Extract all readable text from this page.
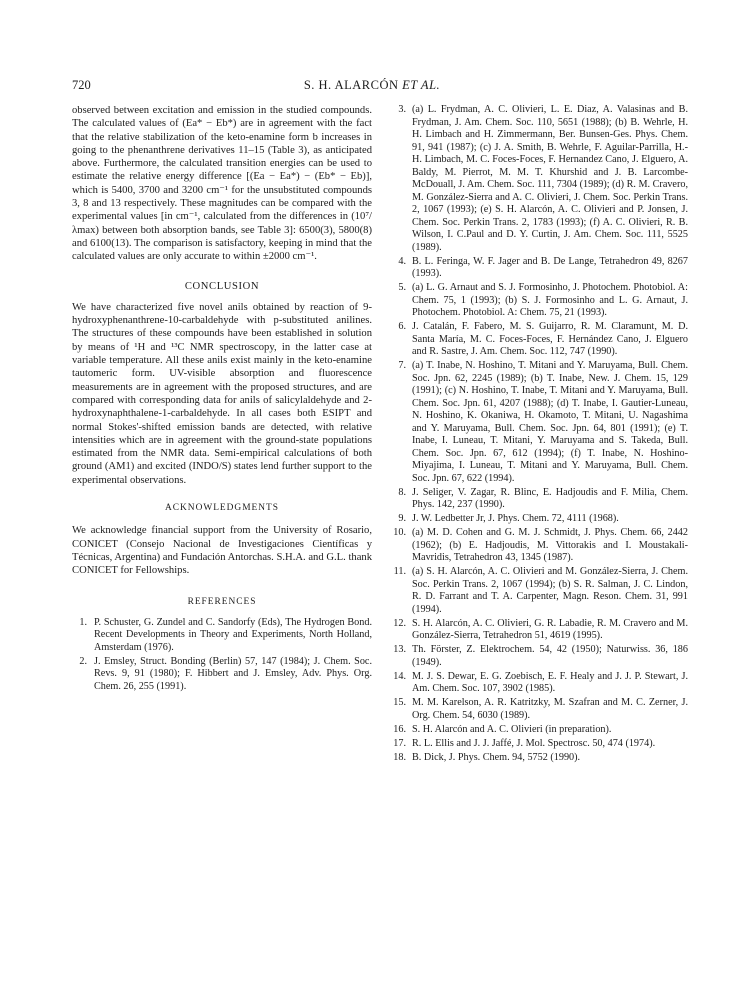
720	S. H. ALARCÓN ET AL.

observed between excitation and emission in the studied compounds. The calculated values of (Ea* − Eb*) are in agreement with the fact that the relative stabilization of the keto-enamine form b increases in going to the phenanthrene derivatives 11–15 (Table 3), as anticipated above. Furthermore, the calculated transition energies can be used to estimate the relative energy difference [(Ea − Ea*) − (Eb* − Eb)], which is 5400, 3700 and 3200 cm⁻¹ for the unsubstituted compounds 3, 8 and 13 respectively. These magnitudes can be compared with the experimental values [in cm⁻¹, calculated from the differences in (10⁷/λmax) between both absorption bands, see Table 3]: 6500(3), 5800(8) and 6100(13). The comparison is satisfactory, keeping in mind that the calculated values are only accurate to within ±2000 cm⁻¹.

CONCLUSION

We have characterized five novel anils obtained by reaction of 9-hydroxyphenanthrene-10-carbaldehyde with p-substituted anilines. The structures of these compounds have been established in solution by means of ¹H and ¹³C NMR spectroscopy, in the latter case at variable temperature. All these anils exist mainly in the keto-enamine tautomeric form. UV-visible absorption and fluorescence measurements are in agreement with the proposed structures, and are compared with corresponding data for anils of salicylaldehyde and 2-hydroxynaphthalene-1-carbaldehyde. In all cases both ESIPT and normal Stokes'-shifted emission bands are detected, with relative intensities which are in agreement with the ground-state populations estimated from the NMR data. Semi-empirical calculations of both ground (AM1) and excited (INDO/S) states lend further support to the experimental observations.

ACKNOWLEDGMENTS

We acknowledge financial support from the University of Rosario, CONICET (Consejo Nacional de Investigaciones Científicas y Técnicas, Argentina) and Fundación Antorchas. S.H.A. and G.L. thank CONICET for Fellowships.

REFERENCES
1. P. Schuster, G. Zundel and C. Sandorfy (Eds), The Hydrogen Bond. Recent Developments in Theory and Experiments, North Holland, Amsterdam (1976).
2. J. Emsley, Struct. Bonding (Berlin) 57, 147 (1984); J. Chem. Soc. Revs. 9, 91 (1980); F. Hibbert and J. Emsley, Adv. Phys. Org. Chem. 26, 255 (1991).
3. (a) L. Frydman, A. C. Olivieri, L. E. Diaz, A. Valasinas and B. Frydman, J. Am. Chem. Soc. 110, 5651 (1988); (b) B. Wehrle, H. H. Limbach and H. Zimmermann, Ber. Bunsen-Ges. Phys. Chem. 91, 941 (1987); (c) J. A. Smith, B. Wehrle, F. Aguilar-Parrilla, H.-H. Limbach, M. C. Foces-Foces, F. Hernandez Cano, J. Elguero, A. Baldy, M. Pierrot, M. M. T. Khurshid and J. B. Larcombe-McDouall, J. Am. Chem. Soc. 111, 7304 (1989); (d) R. M. Cravero, M. González-Sierra and A. C. Olivieri, J. Chem. Soc. Perkin Trans. 2, 1067 (1993); (e) S. H. Alarcón, A. C. Olivieri and P. Jonsen, J. Chem. Soc. Perkin Trans. 2, 1783 (1993); (f) A. C. Olivieri, R. B. Wilson, I. C.Paul and D. Y. Curtin, J. Am. Chem. Soc. 111, 5525 (1989).
4. B. L. Feringa, W. F. Jager and B. De Lange, Tetrahedron 49, 8267 (1993).
5. (a) L. G. Arnaut and S. J. Formosinho, J. Photochem. Photobiol. A: Chem. 75, 1 (1993); (b) S. J. Formosinho and L. G. Arnaut, J. Photochem. Photobiol. A: Chem. 75, 21 (1993).
6. J. Catalán, F. Fabero, M. S. Guijarro, R. M. Claramunt, M. D. Santa María, M. C. Foces-Foces, F. Hernández Cano, J. Elguero and R. Sastre, J. Am. Chem. Soc. 112, 747 (1990).
7. (a) T. Inabe, N. Hoshino, T. Mitani and Y. Maruyama, Bull. Chem. Soc. Jpn. 62, 2245 (1989); (b) T. Inabe, New. J. Chem. 15, 129 (1991); (c) N. Hoshino, T. Inabe, T. Mitani and Y. Maruyama, Bull. Chem. Soc. Jpn. 61, 4207 (1988); (d) T. Inabe, I. Gautier-Luneau, N. Hoshino, K. Okaniwa, H. Okamoto, T. Mitani, U. Nagashima and Y. Maruyama, Bull. Chem. Soc. Jpn. 64, 801 (1991); (e) T. Inabe, I. Luneau, T. Mitani, Y. Maruyama and S. Takeda, Bull. Chem. Soc. Jpn. 67, 612 (1994); (f) T. Inabe, N. Hoshino-Miyajima, I. Luneau, T. Mitani and Y. Maruyama, Bull. Chem. Soc. Jpn. 67, 622 (1994).
8. J. Seliger, V. Zagar, R. Blinc, E. Hadjoudis and F. Milia, Chem. Phys. 142, 237 (1990).
9. J. W. Ledbetter Jr, J. Phys. Chem. 72, 4111 (1968).
10. (a) M. D. Cohen and G. M. J. Schmidt, J. Phys. Chem. 66, 2442 (1962); (b) E. Hadjoudis, M. Vittorakis and I. Moustakali-Mavridis, Tetrahedron 43, 1345 (1987).
11. (a) S. H. Alarcón, A. C. Olivieri and M. González-Sierra, J. Chem. Soc. Perkin Trans. 2, 1067 (1994); (b) S. R. Salman, J. C. Lindon, R. D. Farrant and T. A. Carpenter, Magn. Reson. Chem. 31, 991 (1994).
12. S. H. Alarcón, A. C. Olivieri, G. R. Labadie, R. M. Cravero and M. González-Sierra, Tetrahedron 51, 4619 (1995).
13. Th. Förster, Z. Elektrochem. 54, 42 (1950); Naturwiss. 36, 186 (1949).
14. M. J. S. Dewar, E. G. Zoebisch, E. F. Healy and J. J. P. Stewart, J. Am. Chem. Soc. 107, 3902 (1985).
15. M. M. Karelson, A. R. Katritzky, M. Szafran and M. C. Zerner, J. Org. Chem. 54, 6030 (1989).
16. S. H. Alarcón and A. C. Olivieri (in preparation).
17. R. L. Ellis and J. J. Jaffé, J. Mol. Spectrosc. 50, 474 (1974).
18. B. Dick, J. Phys. Chem. 94, 5752 (1990).
